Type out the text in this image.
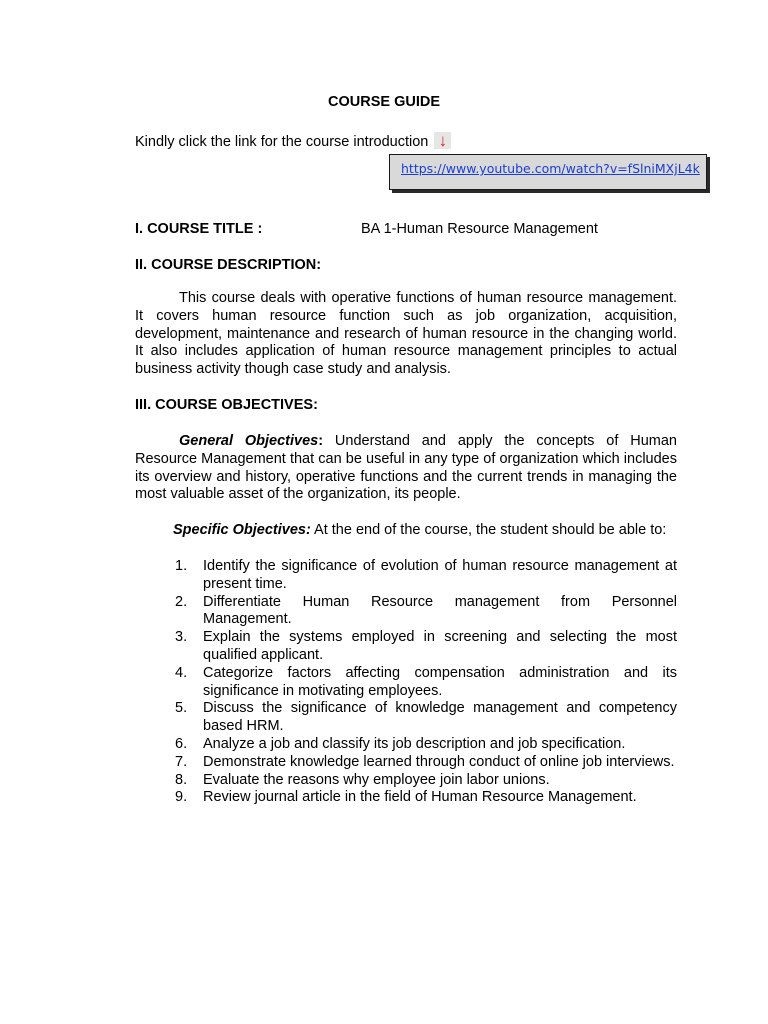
COURSE GUIDE
Kindly click the link for the course introduction ↓
https://www.youtube.com/watch?v=fSlniMXjL4k
I. COURSE TITLE :	BA 1-Human Resource Management
II. COURSE DESCRIPTION:
This course deals with operative functions of human resource management. It covers human resource function such as job organization, acquisition, development, maintenance and research of human resource in the changing world. It also includes application of human resource management principles to actual business activity though case study and analysis.
III. COURSE OBJECTIVES:
General Objectives: Understand and apply the concepts of Human Resource Management that can be useful in any type of organization which includes its overview and history, operative functions and the current trends in managing the most valuable asset of the organization, its people.
Specific Objectives: At the end of the course, the student should be able to:
1.	Identify the significance of evolution of human resource management at present time.
2.	Differentiate Human Resource management from Personnel Management.
3.	Explain the systems employed in screening and selecting the most qualified applicant.
4.	Categorize factors affecting compensation administration and its significance in motivating employees.
5.	Discuss the significance of knowledge management and competency based HRM.
6.	Analyze a job and classify its job description and job specification.
7.	Demonstrate knowledge learned through conduct of online job interviews.
8.	Evaluate the reasons why employee join labor unions.
9.	Review journal article in the field of Human Resource Management.
